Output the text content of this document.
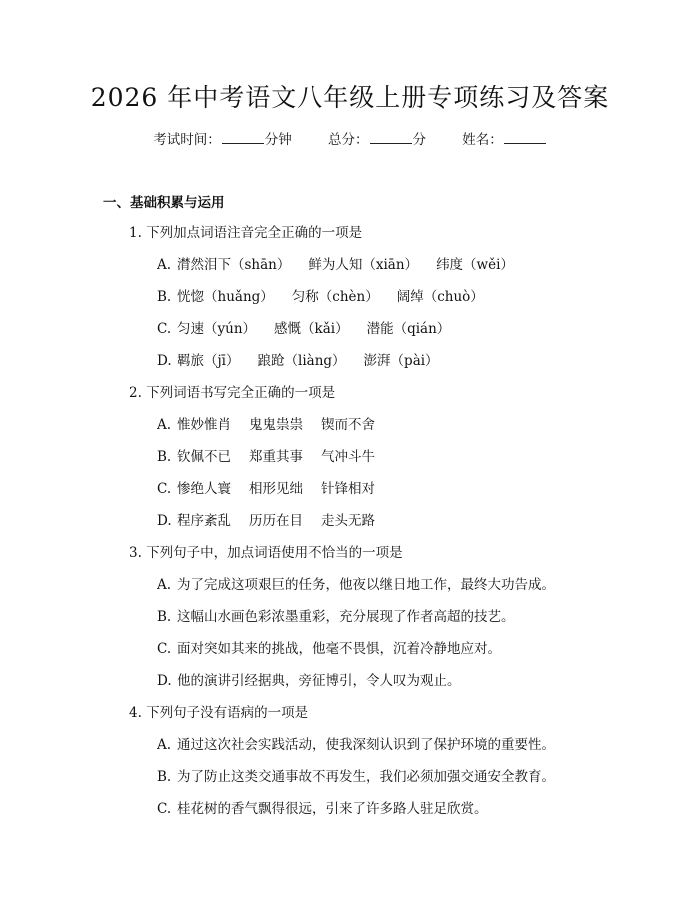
2026 年中考语文八年级上册专项练习及答案
考试时间：	分钟	总分：	分	姓名：
一、基础积累与运用
1. 下列加点词语注音完全正确的一项是
A. 潸然泪下（shān） 鲜为人知（xiān） 纬度（wěi）
B. 恍惚（huǎng） 匀称（chèn） 阔绰（chuò）
C. 匀速（yún） 感慨（kǎi） 潜能（qián）
D. 羁旅（jī） 踉跄（liàng） 澎湃（pài）
2. 下列词语书写完全正确的一项是
A. 惟妙惟肖 鬼鬼祟祟 锲而不舍
B. 钦佩不已 郑重其事 气冲斗牛
C. 惨绝人寰 相形见绌 针锋相对
D. 程序紊乱 历历在目 走头无路
3. 下列句子中，加点词语使用不恰当的一项是
A. 为了完成这项艰巨的任务，他夜以继日地工作，最终大功告成。
B. 这幅山水画色彩浓墨重彩，充分展现了作者高超的技艺。
C. 面对突如其来的挑战，他毫不畏惧，沉着冷静地应对。
D. 他的演讲引经据典，旁征博引，令人叹为观止。
4. 下列句子没有语病的一项是
A. 通过这次社会实践活动，使我深刻认识到了保护环境的重要性。
B. 为了防止这类交通事故不再发生，我们必须加强交通安全教育。
C. 桂花树的香气飘得很远，引来了许多路人驻足欣赏。
